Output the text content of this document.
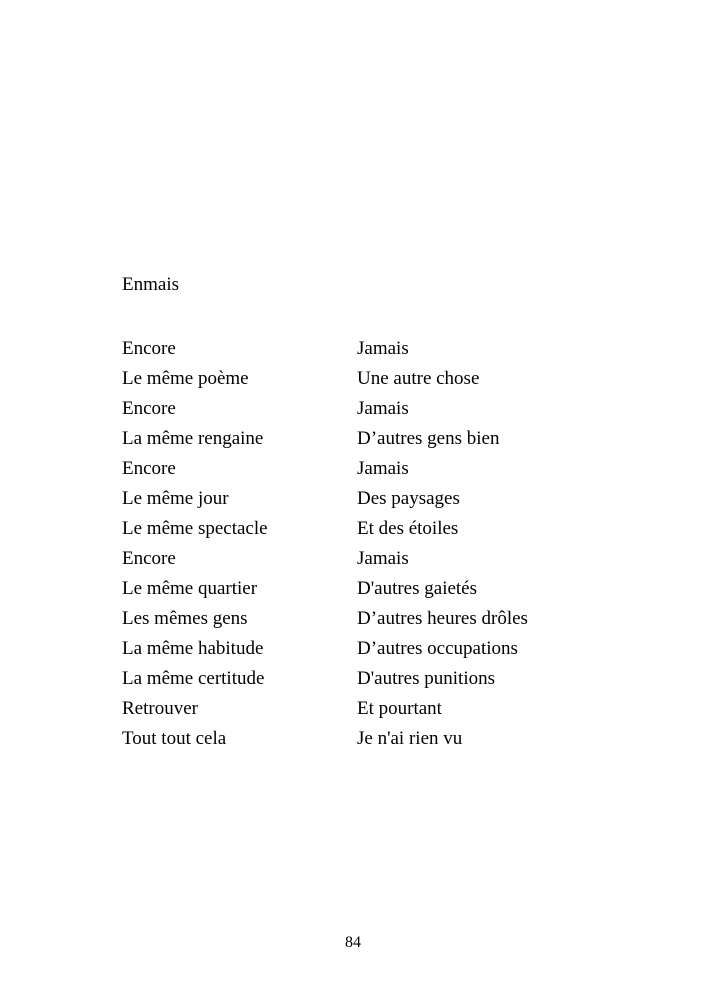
Enmais
Encore
Le même poème
Encore
La même rengaine
Encore
Le même jour
Le même spectacle
Encore
Le même quartier
Les mêmes gens
La même habitude
La même certitude
Retrouver
Tout tout cela
Jamais
Une autre chose
Jamais
D’autres gens bien
Jamais
Des paysages
Et des étoiles
Jamais
D'autres gaietés
D’autres heures drôles
D’autres occupations
D'autres punitions
Et pourtant
Je n'ai rien vu
84
